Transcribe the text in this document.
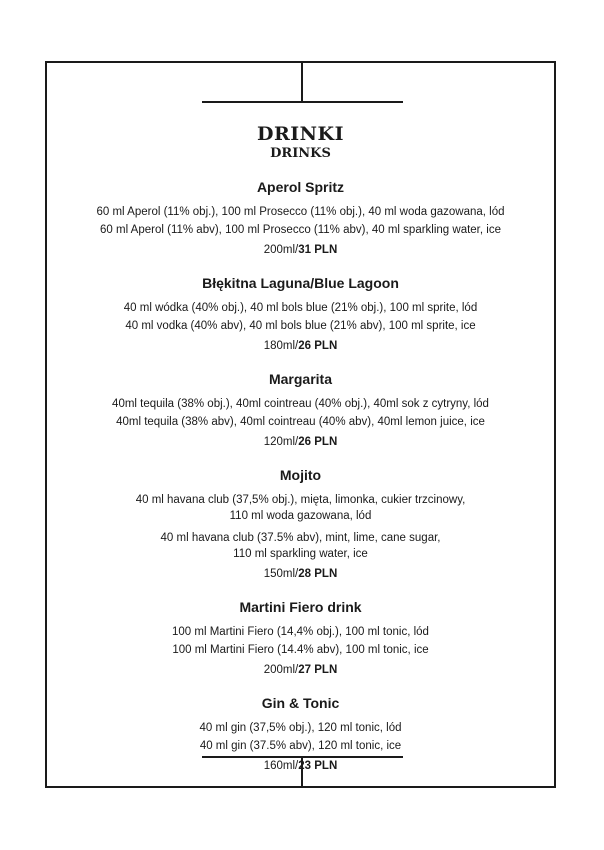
DRINKI
DRINKS
Aperol Spritz
60 ml Aperol (11% obj.), 100 ml Prosecco (11% obj.), 40 ml woda gazowana, lód
60 ml Aperol (11% abv), 100 ml Prosecco (11% abv), 40 ml sparkling water, ice
200ml/31 PLN
Błękitna Laguna/Blue Lagoon
40 ml wódka (40% obj.), 40 ml bols blue (21% obj.), 100 ml sprite, lód
40 ml vodka (40% abv), 40 ml bols blue (21% abv), 100 ml sprite, ice
180ml/26 PLN
Margarita
40ml tequila (38% obj.), 40ml cointreau (40% obj.), 40ml sok z cytryny, lód
40ml tequila (38% abv), 40ml cointreau (40% abv), 40ml lemon juice, ice
120ml/26 PLN
Mojito
40 ml havana club (37,5% obj.), mięta, limonka, cukier trzcinowy,
110 ml woda gazowana, lód
40 ml havana club (37.5% abv), mint, lime, cane sugar,
110 ml sparkling water, ice
150ml/28 PLN
Martini Fiero drink
100 ml Martini Fiero (14,4% obj.), 100 ml tonic, lód
100 ml Martini Fiero (14.4% abv), 100 ml tonic, ice
200ml/27 PLN
Gin & Tonic
40 ml gin (37,5% obj.), 120 ml tonic, lód
40 ml gin (37.5% abv), 120 ml tonic, ice
160ml/23 PLN
